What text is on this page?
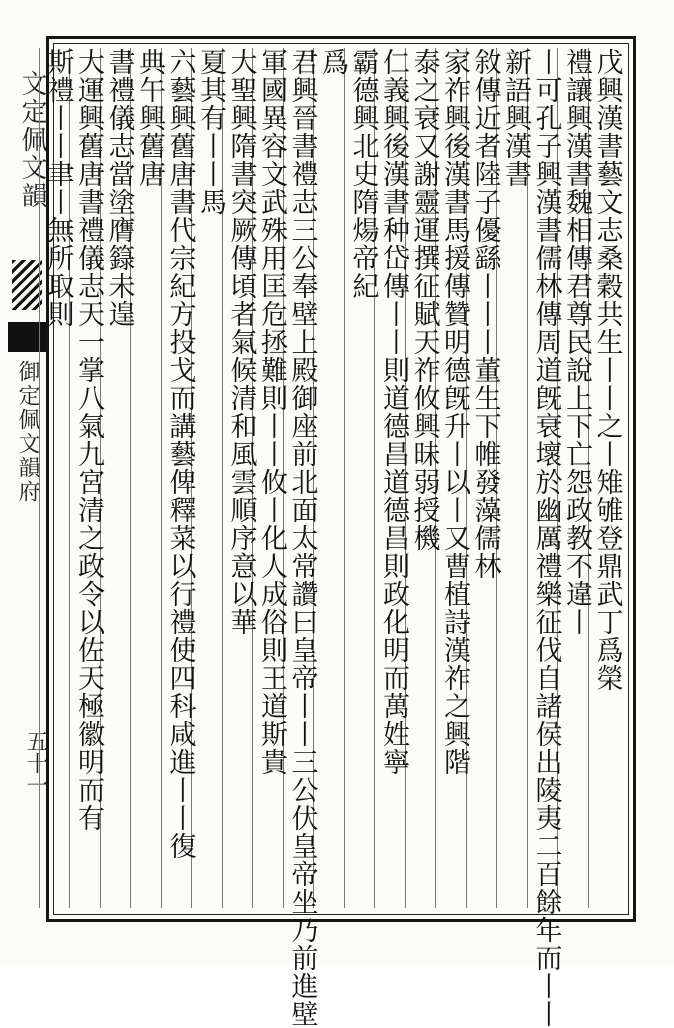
文定佩文韻
御定佩文韻府
五十一
戊興漢書藝文志桑穀共生丨丨之丨雉雊登鼎武丁爲榮
禮讓興漢書魏相傳君尊民說上下亡怨政教不違丨
丨可孔子興漢書儒林傳周道旣衰壞於幽厲禮樂征伐自諸侯出陵夷二百餘年而丨丨
新語興漢書
敘傳近者陸子優繇丨丨丨董生下帷發藻儒林
家祚興後漢書馬援傳贊明德旣升丨以丨又曹植詩漢祚之興階
泰之衰又謝靈運撰征賦天祚攸興昧弱授機
仁義興後漢書种岱傳丨丨則道德昌道德昌則政化明而萬姓寧
霸德興北史隋煬帝紀
爲
君興晉書禮志三公奉壁上殿御座前北面太常讚曰皇帝丨丨三公伏皇帝坐乃前進壁
軍國異容文武殊用匡危拯難則丨丨攸丨化人成俗則王道斯貴
大聖興隋書突厥傳頃者氣候清和風雲順序意以華
夏其有丨丨馬
六藝興舊唐書代宗紀方投戈而講藝俾釋菜以行禮使四科咸進丨丨復
典午興舊唐
書禮儀志當塗膺籙未遑
大運興舊唐書禮儀志天一掌八氣九宮清之政令以佐天極徽明而有
斯禮丨丨聿丨無所取則
